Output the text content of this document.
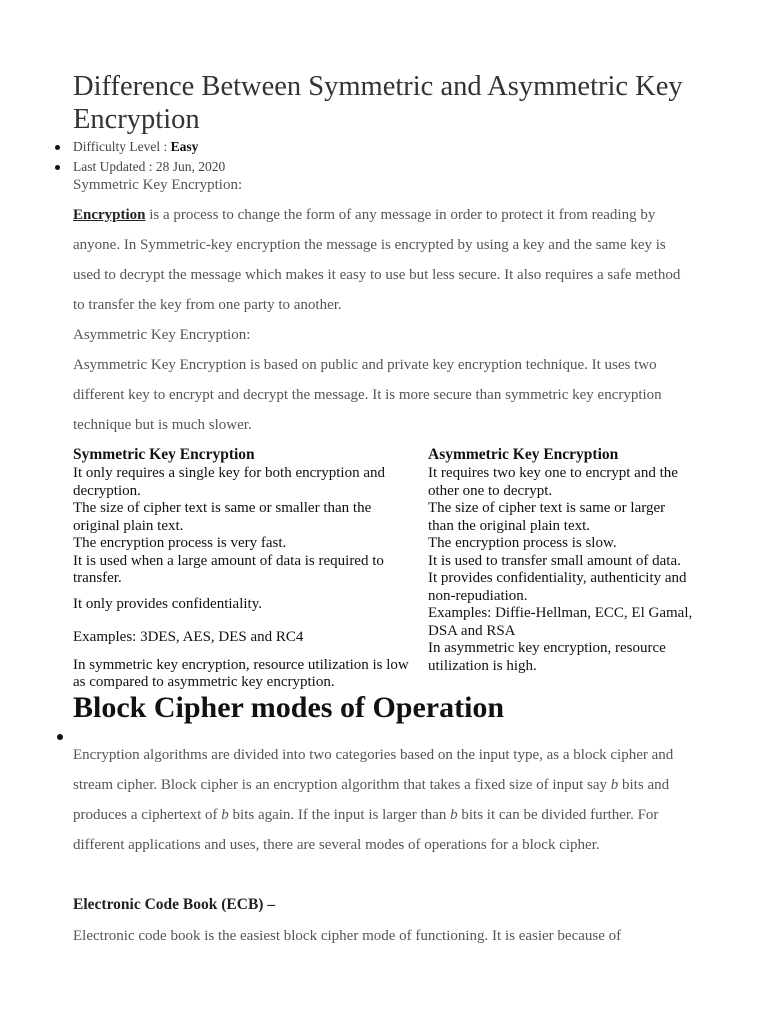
Difference Between Symmetric and Asymmetric Key Encryption
Difficulty Level : Easy
Last Updated : 28 Jun, 2020

Symmetric Key Encryption:

Encryption is a process to change the form of any message in order to protect it from reading by anyone. In Symmetric-key encryption the message is encrypted by using a key and the same key is used to decrypt the message which makes it easy to use but less secure. It also requires a safe method to transfer the key from one party to another.

Asymmetric Key Encryption:

Asymmetric Key Encryption is based on public and private key encryption technique. It uses two different key to encrypt and decrypt the message. It is more secure than symmetric key encryption technique but is much slower.

Symmetric Key Encryption

It only requires a single key for both encryption and decryption.

The size of cipher text is same or smaller than the original plain text.

The encryption process is very fast.

It is used when a large amount of data is required to transfer.

It only provides confidentiality.

Examples: 3DES, AES, DES and RC4

In symmetric key encryption, resource utilization is low as compared to asymmetric key encryption.

Asymmetric Key Encryption

It requires two key one to encrypt and the other one to decrypt.

The size of cipher text is same or larger than the original plain text.

The encryption process is slow.

It is used to transfer small amount of data.

It provides confidentiality, authenticity and non-repudiation.

Examples: Diffie-Hellman, ECC, El Gamal, DSA and RSA

In asymmetric key encryption, resource utilization is high.

Block Cipher modes of Operation

Encryption algorithms are divided into two categories based on the input type, as a block cipher and stream cipher. Block cipher is an encryption algorithm that takes a fixed size of input say b bits and produces a ciphertext of b bits again. If the input is larger than b bits it can be divided further. For different applications and uses, there are several modes of operations for a block cipher.

Electronic Code Book (ECB) –

Electronic code book is the easiest block cipher mode of functioning. It is easier because of
